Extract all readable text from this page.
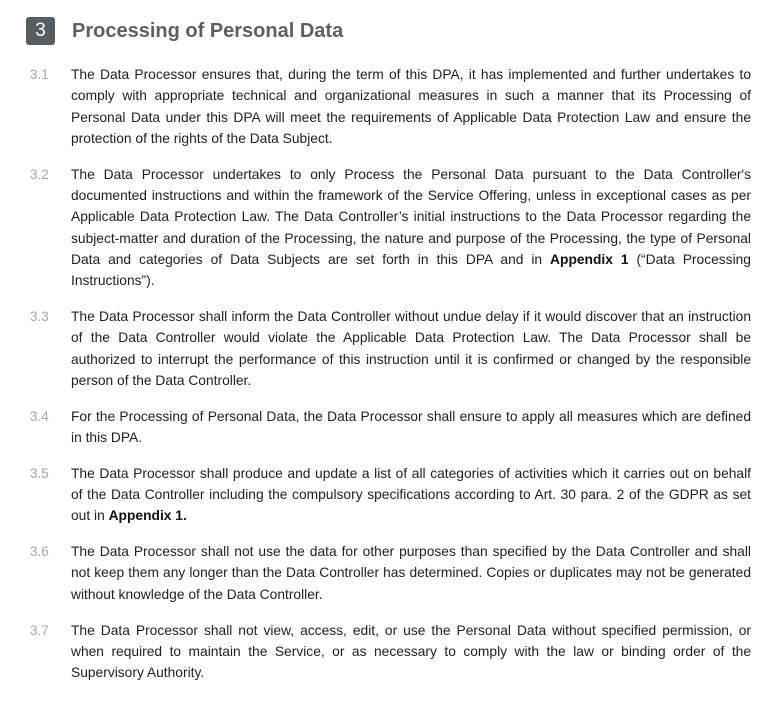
3	Processing of Personal Data
3.1	The Data Processor ensures that, during the term of this DPA, it has implemented and further undertakes to comply with appropriate technical and organizational measures in such a manner that its Processing of Personal Data under this DPA will meet the requirements of Applicable Data Protection Law and ensure the protection of the rights of the Data Subject.
3.2	The Data Processor undertakes to only Process the Personal Data pursuant to the Data Controller's documented instructions and within the framework of the Service Offering, unless in exceptional cases as per Applicable Data Protection Law. The Data Controller’s initial instructions to the Data Processor regarding the subject-matter and duration of the Processing, the nature and purpose of the Processing, the type of Personal Data and categories of Data Subjects are set forth in this DPA and in Appendix 1 (“Data Processing Instructions”).
3.3	The Data Processor shall inform the Data Controller without undue delay if it would discover that an instruction of the Data Controller would violate the Applicable Data Protection Law. The Data Processor shall be authorized to interrupt the performance of this instruction until it is confirmed or changed by the responsible person of the Data Controller.
3.4	For the Processing of Personal Data, the Data Processor shall ensure to apply all measures which are defined in this DPA.
3.5	The Data Processor shall produce and update a list of all categories of activities which it carries out on behalf of the Data Controller including the compulsory specifications according to Art. 30 para. 2 of the GDPR as set out in Appendix 1.
3.6	The Data Processor shall not use the data for other purposes than specified by the Data Controller and shall not keep them any longer than the Data Controller has determined. Copies or duplicates may not be generated without knowledge of the Data Controller.
3.7	The Data Processor shall not view, access, edit, or use the Personal Data without specified permission, or when required to maintain the Service, or as necessary to comply with the law or binding order of the Supervisory Authority.
